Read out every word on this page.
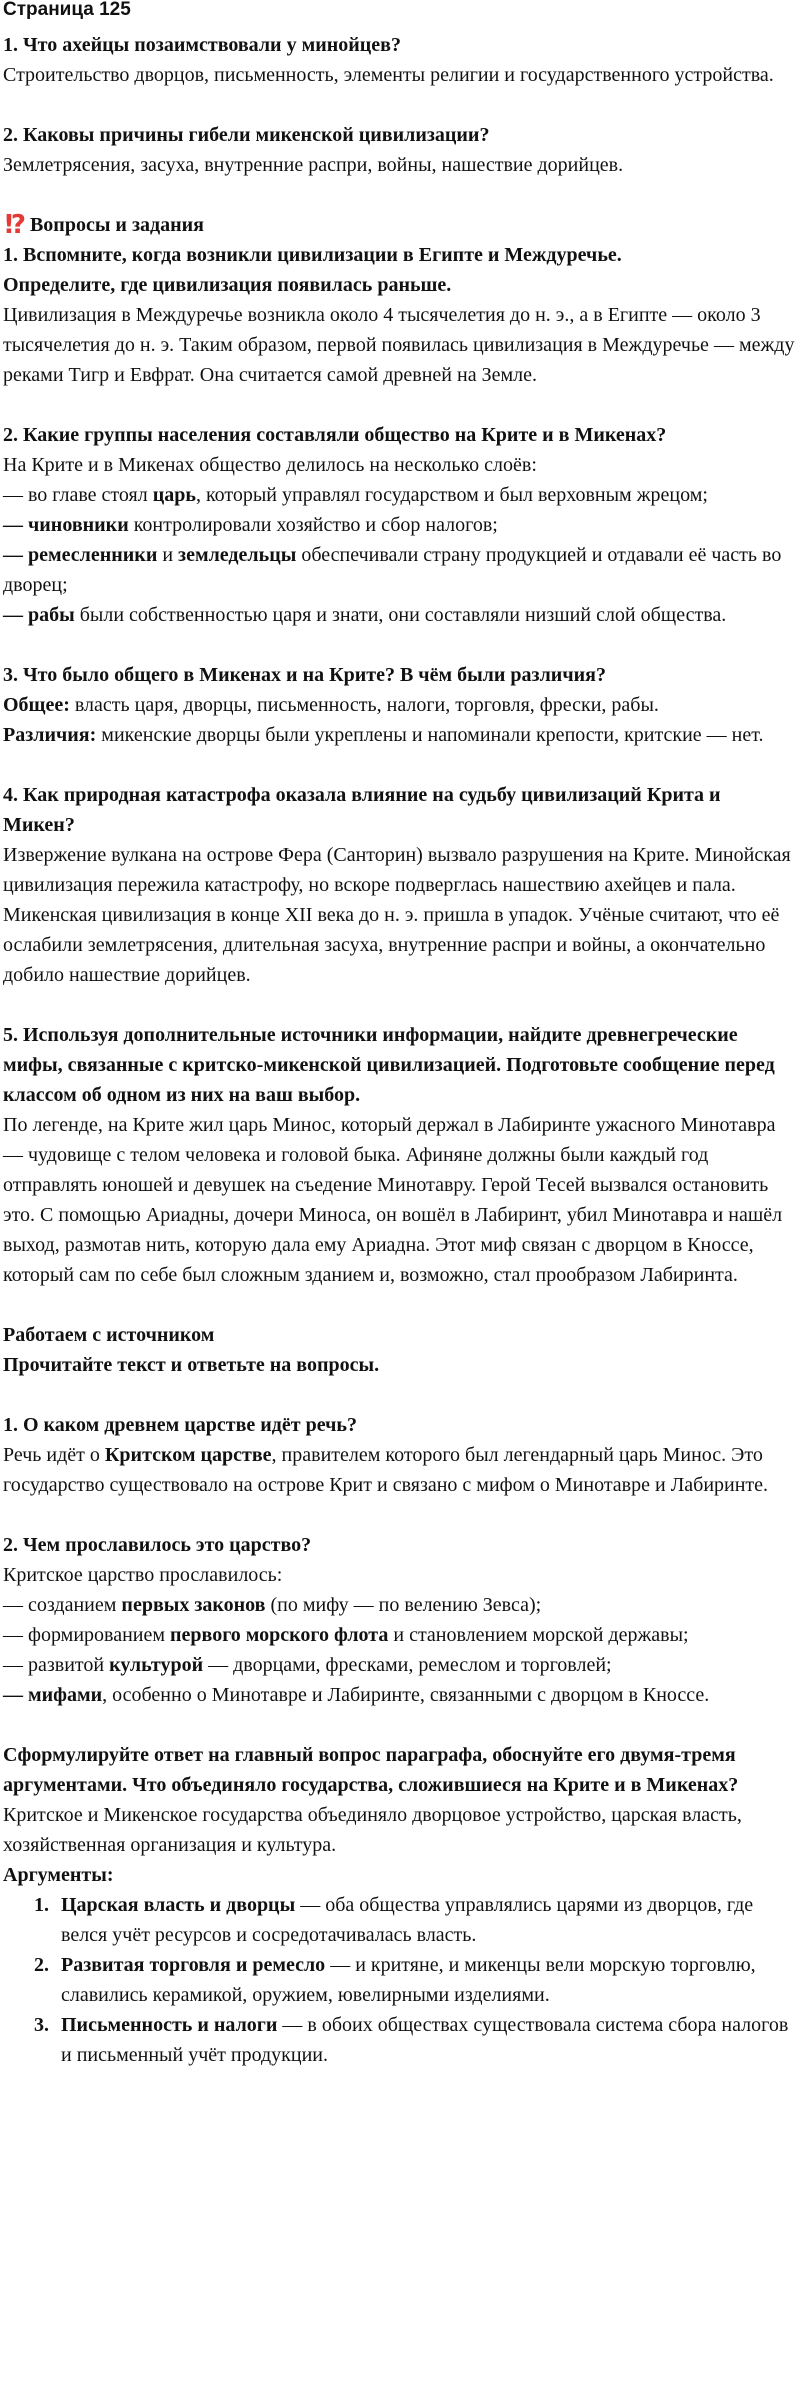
Страница 125

1. Что ахейцы позаимствовали у минойцев?

Строительство дворцов, письменность, элементы религии и государственного устройства.

2. Каковы причины гибели микенской цивилизации?

Землетрясения, засуха, внутренние распри, войны, нашествие дорийцев.

!? Вопросы и задания

1. Вспомните, когда возникли цивилизации в Египте и Междуречье.

Определите, где цивилизация появилась раньше.

Цивилизация в Междуречье возникла около 4 тысячелетия до н. э., а в Египте — около 3 тысячелетия до н. э. Таким образом, первой появилась цивилизация в Междуречье — между реками Тигр и Евфрат. Она считается самой древней на Земле.

2. Какие группы населения составляли общество на Крите и в Микенах?

На Крите и в Микенах общество делилось на несколько слоёв:

— во главе стоял царь, который управлял государством и был верховным жрецом;

— чиновники контролировали хозяйство и сбор налогов;

— ремесленники и земледельцы обеспечивали страну продукцией и отдавали её часть во дворец;

— рабы были собственностью царя и знати, они составляли низший слой общества.

3. Что было общего в Микенах и на Крите? В чём были различия?

Общее: власть царя, дворцы, письменность, налоги, торговля, фрески, рабы.

Различия: микенские дворцы были укреплены и напоминали крепости, критские — нет.

4. Как природная катастрофа оказала влияние на судьбу цивилизаций Крита и Микен?

Извержение вулкана на острове Фера (Санторин) вызвало разрушения на Крите. Минойская цивилизация пережила катастрофу, но вскоре подверглась нашествию ахейцев и пала.

Микенская цивилизация в конце XII века до н. э. пришла в упадок. Учёные считают, что её ослабили землетрясения, длительная засуха, внутренние распри и войны, а окончательно добило нашествие дорийцев.

5. Используя дополнительные источники информации, найдите древнегреческие мифы, связанные с критско-микенской цивилизацией. Подготовьте сообщение перед классом об одном из них на ваш выбор.

По легенде, на Крите жил царь Минос, который держал в Лабиринте ужасного Минотавра — чудовище с телом человека и головой быка. Афиняне должны были каждый год отправлять юношей и девушек на съедение Минотавру. Герой Тесей вызвался остановить это. С помощью Ариадны, дочери Миноса, он вошёл в Лабиринт, убил Минотавра и нашёл выход, размотав нить, которую дала ему Ариадна. Этот миф связан с дворцом в Кноссе, который сам по себе был сложным зданием и, возможно, стал прообразом Лабиринта.

Работаем с источником

Прочитайте текст и ответьте на вопросы.

1. О каком древнем царстве идёт речь?

Речь идёт о Критском царстве, правителем которого был легендарный царь Минос. Это государство существовало на острове Крит и связано с мифом о Минотавре и Лабиринте.

2. Чем прославилось это царство?

Критское царство прославилось:

— созданием первых законов (по мифу — по велению Зевса);

— формированием первого морского флота и становлением морской державы;

— развитой культурой — дворцами, фресками, ремеслом и торговлей;

— мифами, особенно о Минотавре и Лабиринте, связанными с дворцом в Кноссе.

Сформулируйте ответ на главный вопрос параграфа, обоснуйте его двумя-тремя аргументами. Что объединяло государства, сложившиеся на Крите и в Микенах?

Критское и Микенское государства объединяло дворцовое устройство, царская власть, хозяйственная организация и культура.

Аргументы:

1. Царская власть и дворцы — оба общества управлялись царями из дворцов, где велся учёт ресурсов и сосредотачивалась власть.
2. Развитая торговля и ремесло — и критяне, и микенцы вели морскую торговлю, славились керамикой, оружием, ювелирными изделиями.
3. Письменность и налоги — в обоих обществах существовала система сбора налогов и письменный учёт продукции.
